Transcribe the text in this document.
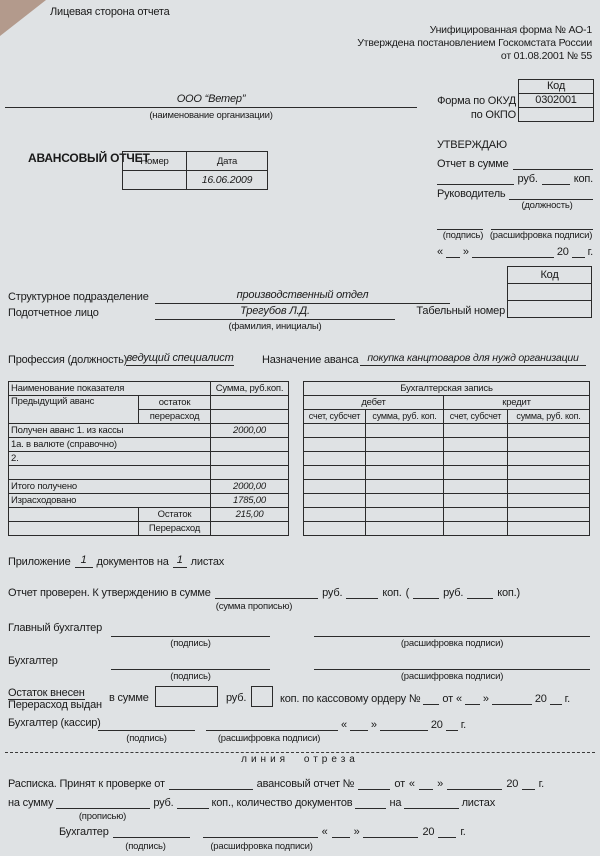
Лицевая сторона отчета
Унифицированная форма № АО-1
Утверждена постановлением Госкомстата России
от 01.08.2001 № 55
ООО “Ветер”
(наименование организации)
Форма по ОКУД
по ОКПО
Код
0302001
АВАНСОВЫЙ ОТЧЕТ
Номер	Дата
	16.06.2009
УТВЕРЖДАЮ
Отчет в сумме
руб.	коп.
Руководитель
(должность)
(подпись) (расшифровка подписи)
« »	20 г.
Код
Табельный номер
Структурное подразделение	производственный отдел
Подотчетное лицо	Трегубов Л.Д.
(фамилия, инициалы)
Профессия (должность) ведущий специалист	Назначение аванса покупка канцтоваров для нужд организации
Наименование показателя		Сумма, руб.коп.
Предыдущий аванс	остаток	
	перерасход	
Получен аванс 1. из кассы		2000,00
1а. в валюте (справочно)		
2.		

Итого получено		2000,00
Израсходовано		1785,00
	Остаток	215,00
	Перерасход	
Бухгалтерская запись			
дебет		кредит	
счет, субсчет	сумма, руб. коп.	счет, субсчет	сумма, руб. коп.

Приложение 1 документов на 1 листах
Отчет проверен. К утверждению в сумме	руб.	коп. (	руб.	коп.)
(сумма прописью)
Главный бухгалтер
(подпись)	(расшифровка подписи)
Бухгалтер
(подпись)	(расшифровка подписи)
Остаток внесен
Перерасход выдан
в сумме	руб.	коп. по кассовому ордеру № от « »	20 г.
Бухгалтер (кассир)	« »	20 г.
(подпись)	(расшифровка подписи)
линия отреза
Расписка. Принят к проверке от	авансовый отчет №	от « »	20 г.
на сумму	руб.	коп., количество документов	на	листах
(прописью)
Бухгалтер	« »	20 г.
(подпись)	(расшифровка подписи)
